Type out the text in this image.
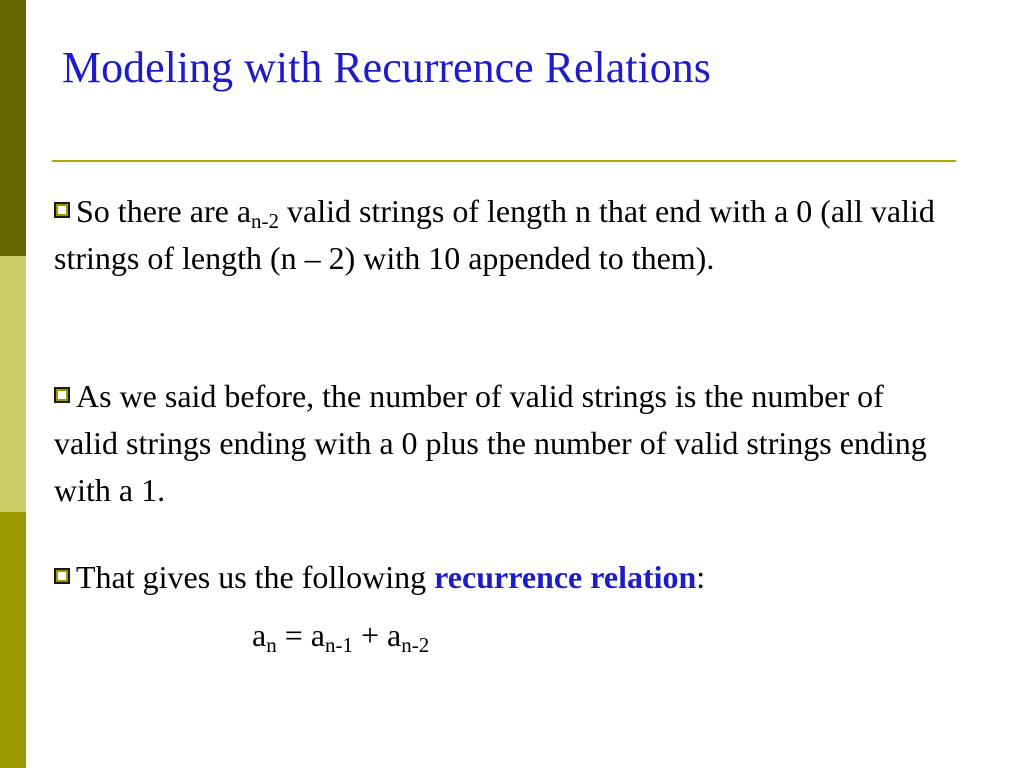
Modeling with Recurrence Relations

So there are $a_{n-2}$ valid strings of length n that end with a 0 (all valid strings of length (n – 2) with 10 appended to them).

As we said before, the number of valid strings is the number of valid strings ending with a 0 plus the number of valid strings ending with a 1.

That gives us the following recurrence relation:

$a_n = a_{n-1} + a_{n-2}$
